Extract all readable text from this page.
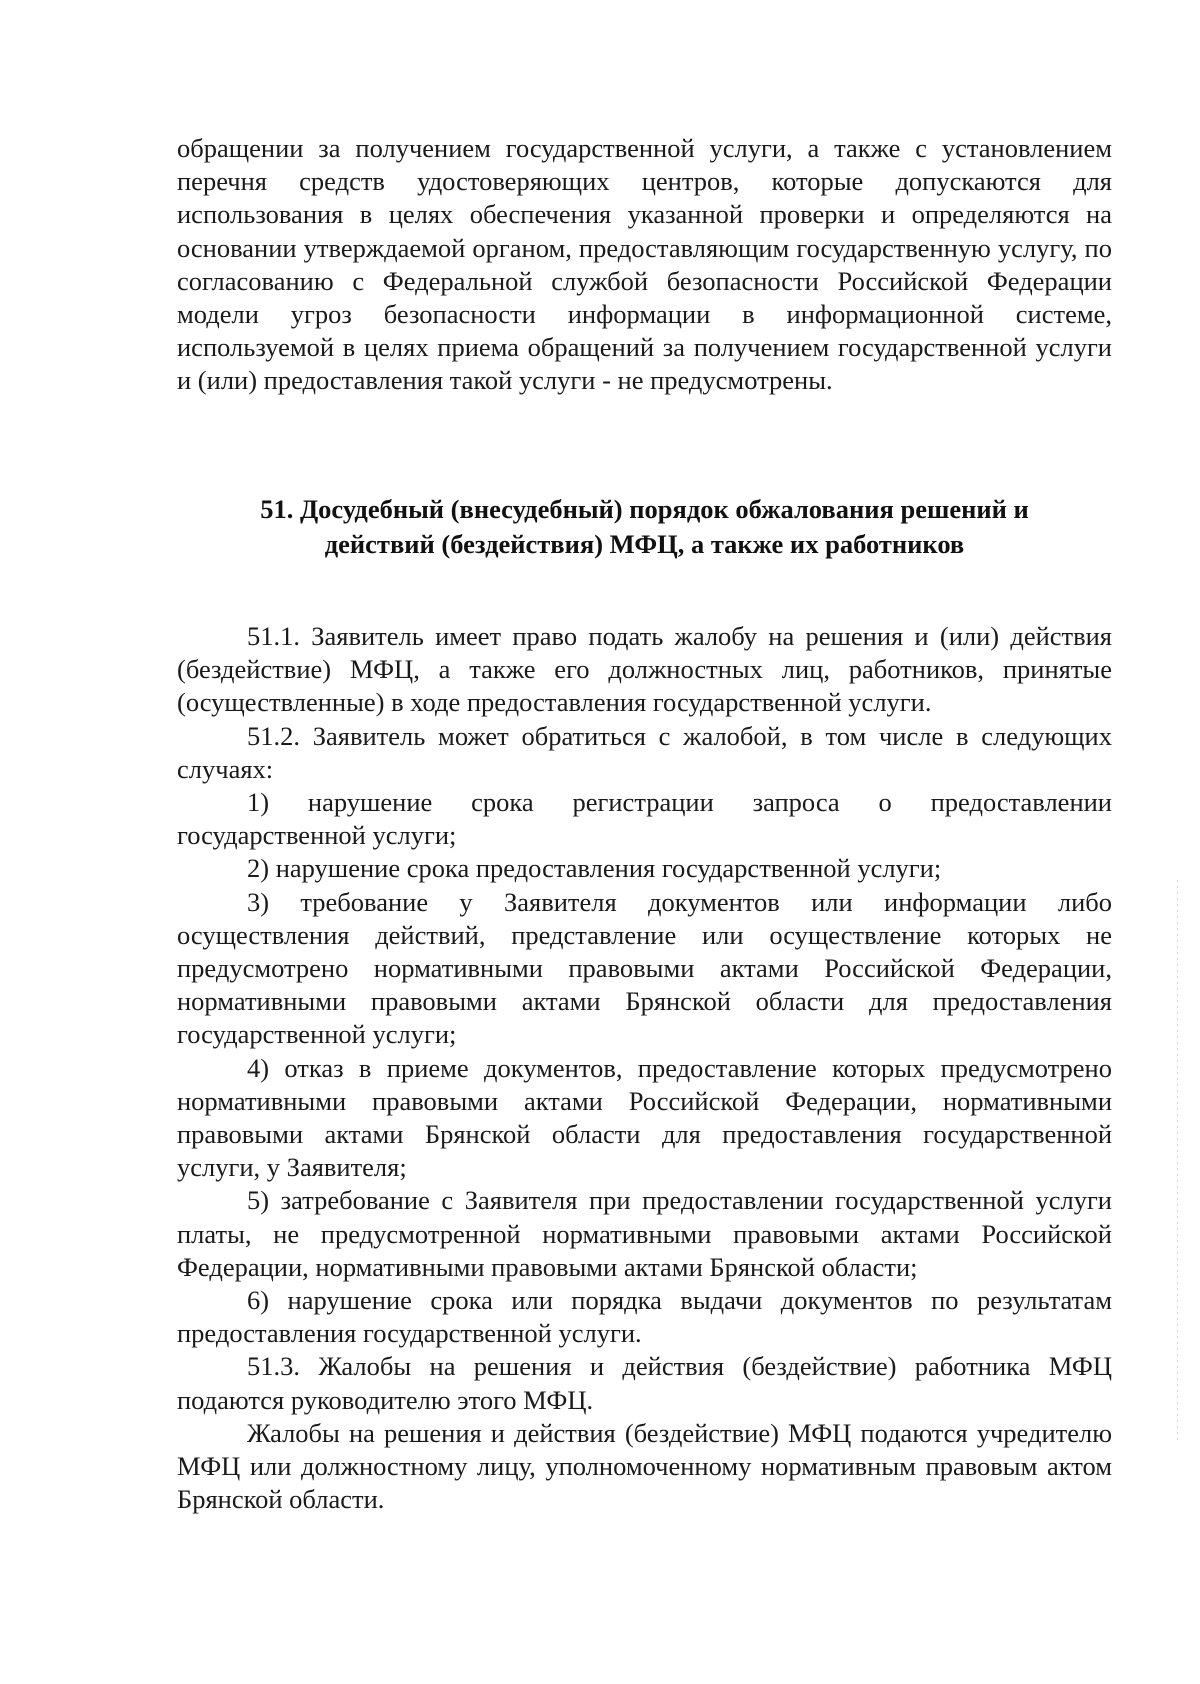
обращении за получением государственной услуги, а также с установлением перечня средств удостоверяющих центров, которые допускаются для использования в целях обеспечения указанной проверки и определяются на основании утверждаемой органом, предоставляющим государственную услугу, по согласованию с Федеральной службой безопасности Российской Федерации модели угроз безопасности информации в информационной системе, используемой в целях приема обращений за получением государственной услуги и (или) предоставления такой услуги - не предусмотрены.

51. Досудебный (внесудебный) порядок обжалования решений и
действий (бездействия) МФЦ, а также их работников

51.1. Заявитель имеет право подать жалобу на решения и (или) действия (бездействие) МФЦ, а также его должностных лиц, работников, принятые (осуществленные) в ходе предоставления государственной услуги.

51.2. Заявитель может обратиться с жалобой, в том числе в следующих случаях:

1) нарушение срока регистрации запроса о предоставлении государственной услуги;

2) нарушение срока предоставления государственной услуги;

3) требование у Заявителя документов или информации либо осуществления действий, представление или осуществление которых не предусмотрено нормативными правовыми актами Российской Федерации, нормативными правовыми актами Брянской области для предоставления государственной услуги;

4) отказ в приеме документов, предоставление которых предусмотрено нормативными правовыми актами Российской Федерации, нормативными правовыми актами Брянской области для предоставления государственной услуги, у Заявителя;

5) затребование с Заявителя при предоставлении государственной услуги платы, не предусмотренной нормативными правовыми актами Российской Федерации, нормативными правовыми актами Брянской области;

6) нарушение срока или порядка выдачи документов по результатам предоставления государственной услуги.

51.3. Жалобы на решения и действия (бездействие) работника МФЦ подаются руководителю этого МФЦ.

Жалобы на решения и действия (бездействие) МФЦ подаются учредителю МФЦ или должностному лицу, уполномоченному нормативным правовым актом Брянской области.
